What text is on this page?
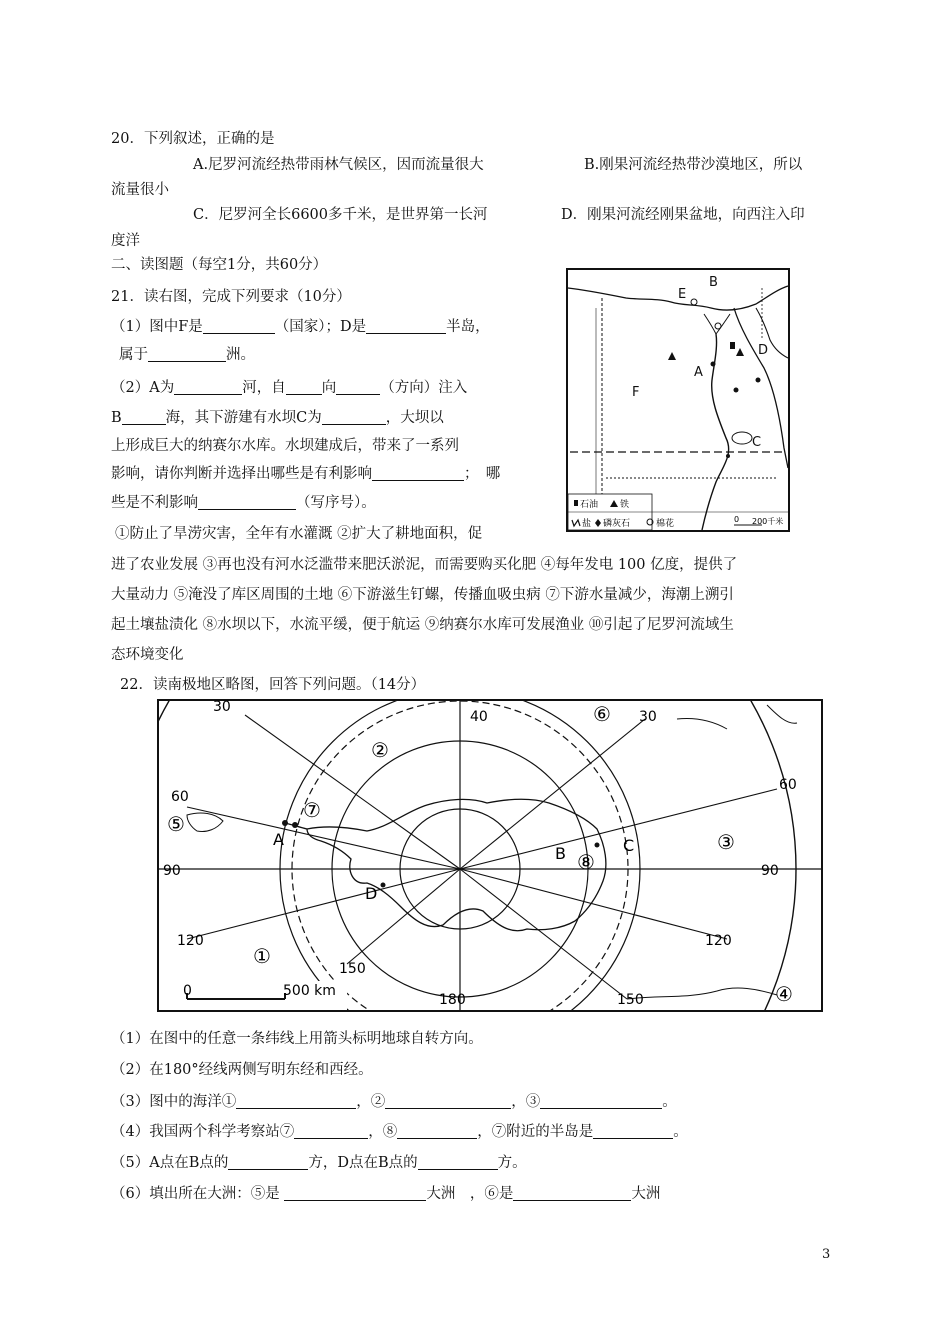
20．下列叙述，正确的是
A.尼罗河流经热带雨林气候区，因而流量很大	B.刚果河流经热带沙漠地区，所以
流量很小
C．尼罗河全长6600多千米，是世界第一长河	D．刚果河流经刚果盆地，向西注入印
度洋
二、读图题（每空1分，共60分）
21．读右图，完成下列要求（10分）
（1）图中F是	（国家）；D是	半岛，
属于	洲。
（2）A为	河，自 向	（方向）注入
B	海，其下游建有水坝C为	，大坝以
上形成巨大的纳赛尔水库。水坝建成后，带来了一系列
影响，请你判断并选择出哪些是有利影响	；　哪
些是不利影响	（写序号）。
①防止了旱涝灾害，全年有水灌溉 ②扩大了耕地面积，促
进了农业发展 ③再也没有河水泛滥带来肥沃淤泥，而需要购买化肥 ④每年发电 100 亿度，提供了
大量动力 ⑤淹没了库区周围的土地 ⑥下游滋生钉螺，传播血吸虫病 ⑦下游水量减少，海潮上溯引
起土壤盐渍化 ⑧水坝以下，水流平缓，便于航运 ⑨纳赛尔水库可发展渔业 ⑩引起了尼罗河流域生
态环境变化
E
B
A
F
C
D
石油 铁
盐 磷灰石	棉花	0 200千米
22．读南极地区略图，回答下列问题。（14分）
30
40	30
60
60
90	90
120	120
150
180	150
②
⑥
⑦
⑤
③
⑧
①
④
A
B	C
D
0	500 km
（1）在图中的任意一条纬线上用箭头标明地球自转方向。
（2）在180°经线两侧写明东经和西经。
（3）图中的海洋①	，②	，③	。
（4）我国两个科学考察站⑦	，⑧	，⑦附近的半岛是	。
（5）A点在B点的	方，D点在B点的	方。
（6）填出所在大洲：⑤是	大洲　，⑥是	大洲
3
